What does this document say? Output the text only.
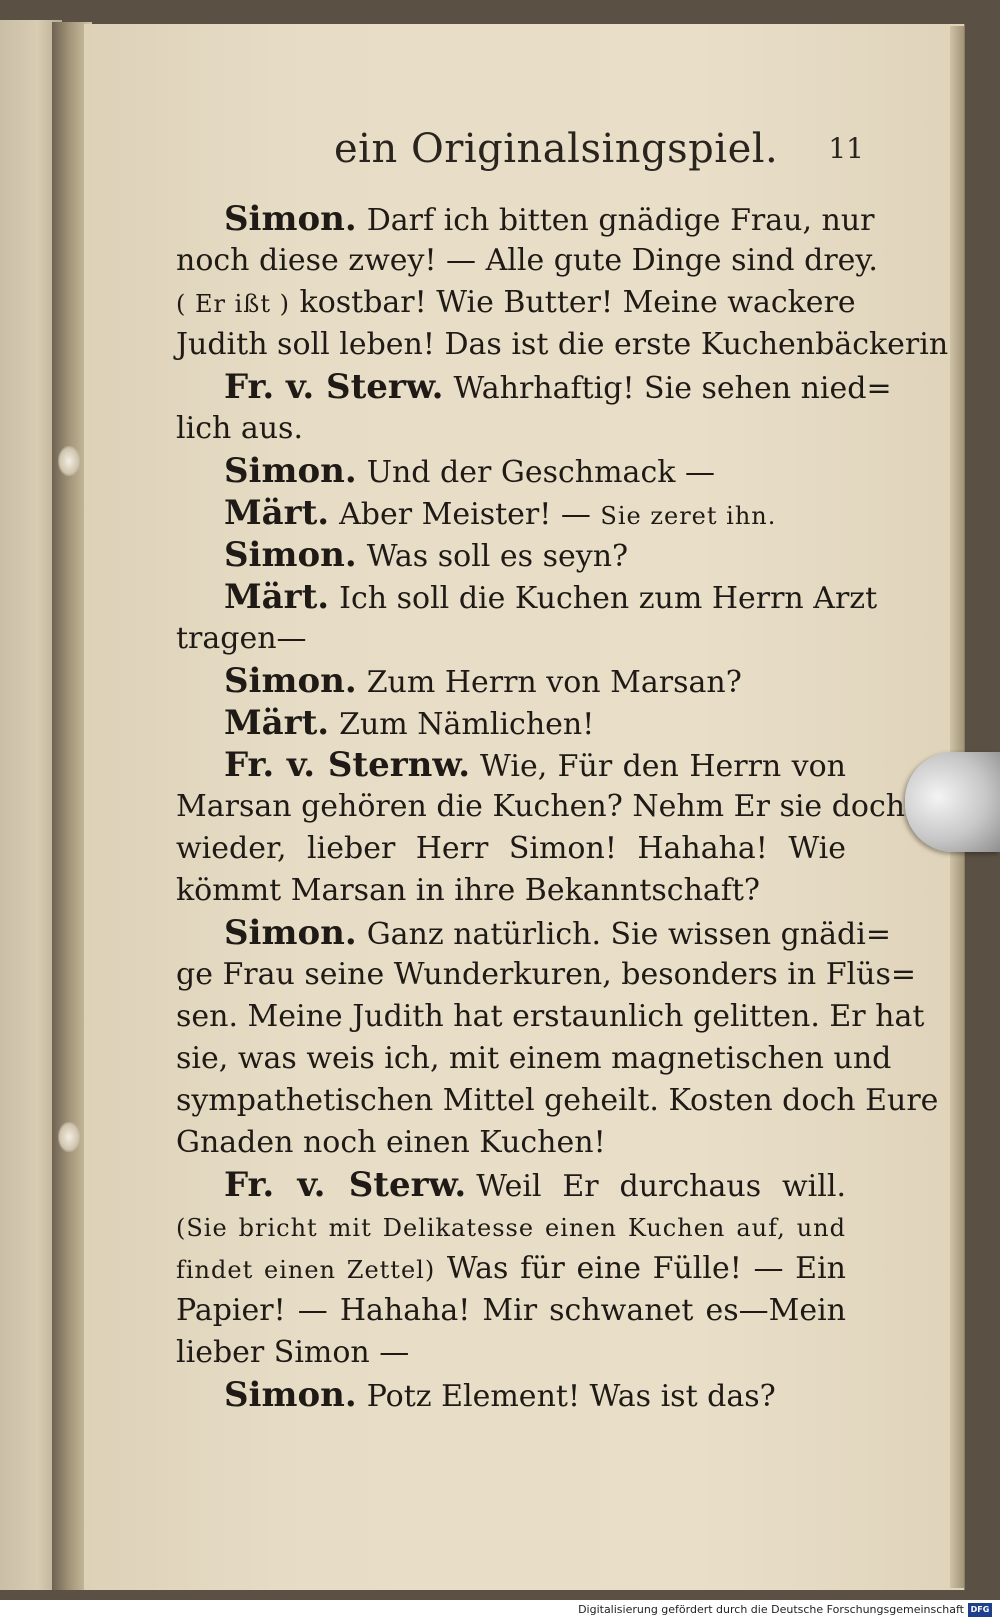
ein Originalsingspiel. 11
Simon. Darf ich bitten gnädige Frau, nur
noch diese zwey! — Alle gute Dinge sind drey.
( Er ißt ) kostbar! Wie Butter! Meine wackere
Judith soll leben! Das ist die erste Kuchenbäckerin
Fr. v. Sterw. Wahrhaftig! Sie sehen nied=
lich aus.
Simon. Und der Geschmack —
Märt. Aber Meister! — Sie zeret ihn.
Simon. Was soll es seyn?
Märt. Ich soll die Kuchen zum Herrn Arzt
tragen—
Simon. Zum Herrn von Marsan?
Märt. Zum Nämlichen!
Fr. v. Sternw. Wie, Für den Herrn von
Marsan gehören die Kuchen? Nehm Er sie doch
wieder, lieber Herr Simon! Hahaha! Wie
kömmt Marsan in ihre Bekanntschaft?
Simon. Ganz natürlich. Sie wissen gnädi=
ge Frau seine Wunderkuren, besonders in Flüs=
sen. Meine Judith hat erstaunlich gelitten. Er hat
sie, was weis ich, mit einem magnetischen und
sympathetischen Mittel geheilt. Kosten doch Eure
Gnaden noch einen Kuchen!
Fr. v. Sterw. Weil Er durchaus will.
(Sie bricht mit Delikatesse einen Kuchen auf, und
findet einen Zettel) Was für eine Fülle! — Ein
Papier! — Hahaha! Mir schwanet es—Mein
lieber Simon —
Simon. Potz Element! Was ist das?
Digitalisierung gefördert durch die Deutsche Forschungsgemeinschaft DFG
